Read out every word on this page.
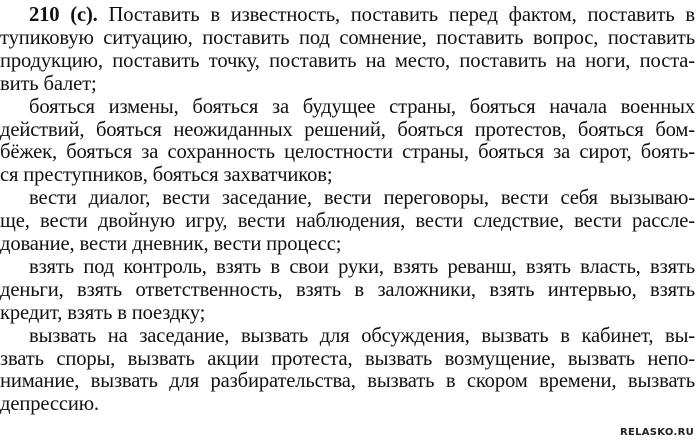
210 (с). Поставить в известность, поставить перед фактом, поставить в
тупиковую ситуацию, поставить под сомнение, поставить вопрос, поставить
продукцию, поставить точку, поставить на место, поставить на ноги, поста-
вить балет;
бояться измены, бояться за будущее страны, бояться начала военных
действий, бояться неожиданных решений, бояться протестов, бояться бом-
бёжек, бояться за сохранность целостности страны, бояться за сирот, боять-
ся преступников, бояться захватчиков;
вести диалог, вести заседание, вести переговоры, вести себя вызываю-
ще, вести двойную игру, вести наблюдения, вести следствие, вести рассле-
дование, вести дневник, вести процесс;
взять под контроль, взять в свои руки, взять реванш, взять власть, взять
деньги, взять ответственность, взять в заложники, взять интервью, взять
кредит, взять в поездку;
вызвать на заседание, вызвать для обсуждения, вызвать в кабинет, вы-
звать споры, вызвать акции протеста, вызвать возмущение, вызвать непо-
нимание, вызвать для разбирательства, вызвать в скором времени, вызвать
депрессию.
RELASKO.RU
